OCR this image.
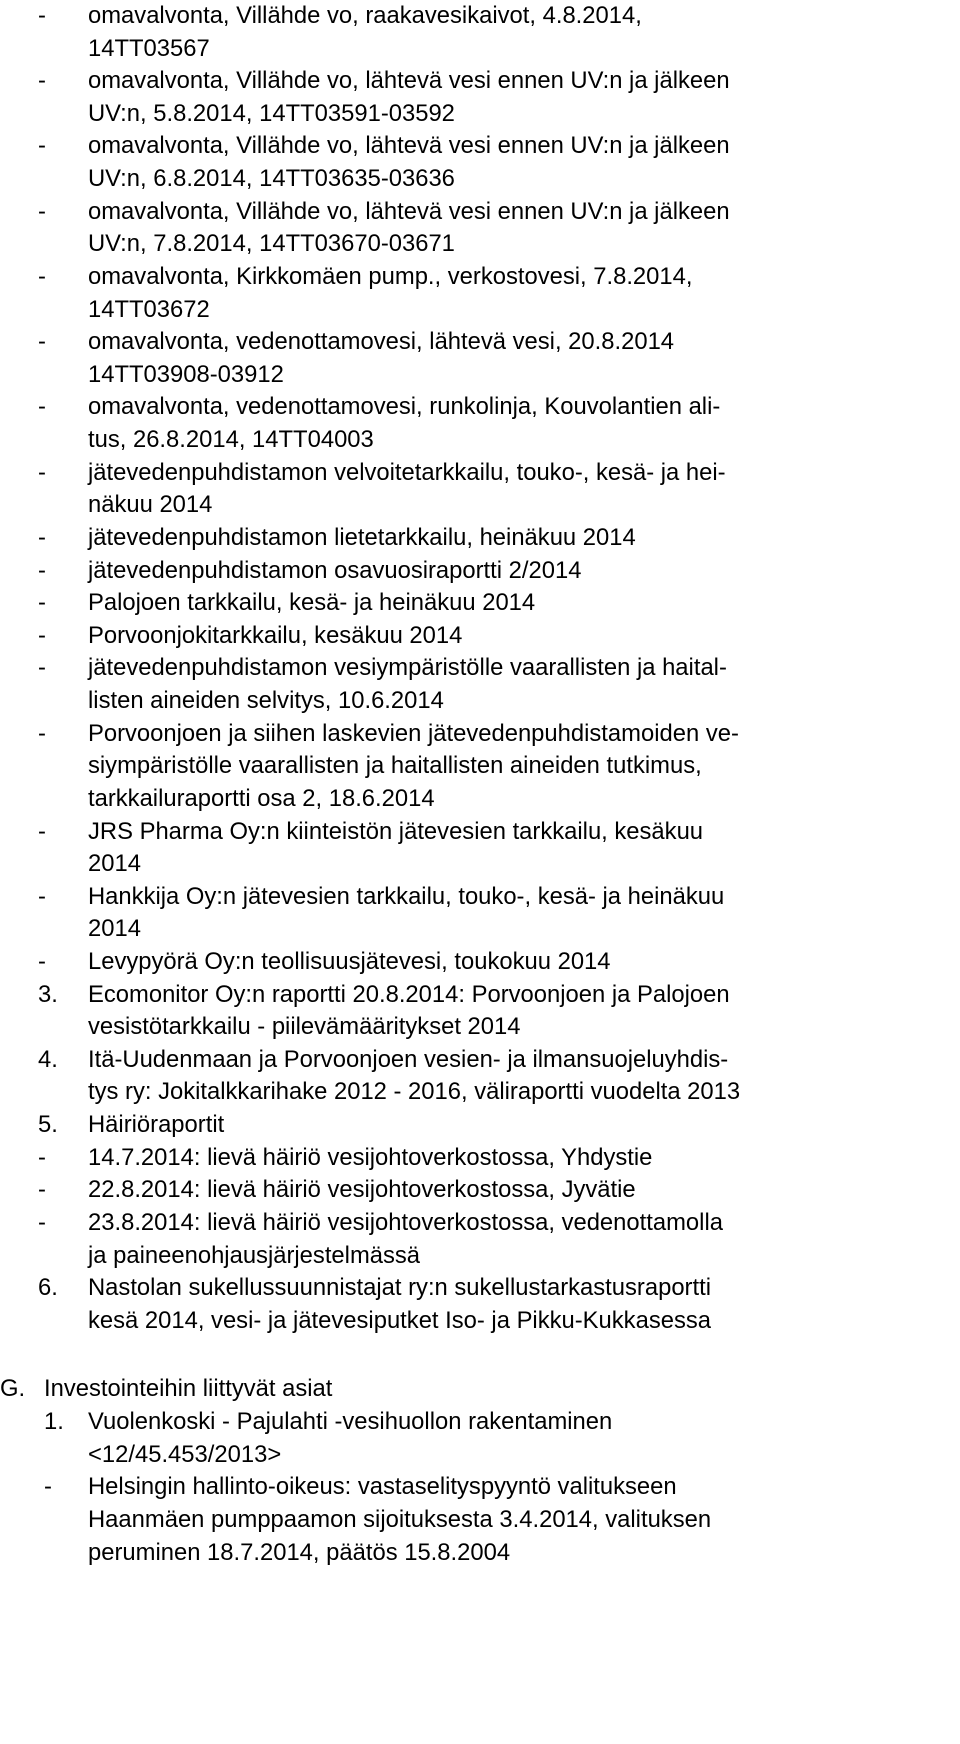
- omavalvonta, Villähde vo, raakavesikaivot, 4.8.2014,
14TT03567
- omavalvonta, Villähde vo, lähtevä vesi ennen UV:n ja jälkeen
UV:n, 5.8.2014, 14TT03591-03592
- omavalvonta, Villähde vo, lähtevä vesi ennen UV:n ja jälkeen
UV:n, 6.8.2014, 14TT03635-03636
- omavalvonta, Villähde vo, lähtevä vesi ennen UV:n ja jälkeen
UV:n, 7.8.2014, 14TT03670-03671
- omavalvonta, Kirkkomäen pump., verkostovesi, 7.8.2014,
14TT03672
- omavalvonta, vedenottamovesi, lähtevä vesi, 20.8.2014
14TT03908-03912
- omavalvonta, vedenottamovesi, runkolinja, Kouvolantien ali-
tus, 26.8.2014, 14TT04003
- jätevedenpuhdistamon velvoitetarkkailu, touko-, kesä- ja hei-
näkuu 2014
- jätevedenpuhdistamon lietetarkkailu, heinäkuu 2014
- jätevedenpuhdistamon osavuosiraportti 2/2014
- Palojoen tarkkailu, kesä- ja heinäkuu 2014
- Porvoonjokitarkkailu, kesäkuu 2014
- jätevedenpuhdistamon vesiympäristölle vaarallisten ja haital-
listen aineiden selvitys, 10.6.2014
- Porvoonjoen ja siihen laskevien jätevedenpuhdistamoiden ve-
siympäristölle vaarallisten ja haitallisten aineiden tutkimus,
tarkkailuraportti osa 2, 18.6.2014
- JRS Pharma Oy:n kiinteistön jätevesien tarkkailu, kesäkuu
2014
- Hankkija Oy:n jätevesien tarkkailu, touko-, kesä- ja heinäkuu
2014
- Levypyörä Oy:n teollisuusjätevesi, toukokuu 2014
3. Ecomonitor Oy:n raportti 20.8.2014: Porvoonjoen ja Palojoen
vesistötarkkailu - piilevämääritykset 2014
4. Itä-Uudenmaan ja Porvoonjoen vesien- ja ilmansuojeluyhdis-
tys ry: Jokitalkkarihake 2012 - 2016, väliraportti vuodelta 2013
5. Häiriöraportit
- 14.7.2014: lievä häiriö vesijohtoverkostossa, Yhdystie
- 22.8.2014: lievä häiriö vesijohtoverkostossa, Jyvätie
- 23.8.2014: lievä häiriö vesijohtoverkostossa, vedenottamolla
ja paineenohjausjärjestelmässä
6. Nastolan sukellussuunnistajat ry:n sukellustarkastusraportti
kesä 2014, vesi- ja jätevesiputket Iso- ja Pikku-Kukkasessa
G. Investointeihin liittyvät asiat
1. Vuolenkoski - Pajulahti -vesihuollon rakentaminen
<12/45.453/2013>
- Helsingin hallinto-oikeus: vastaselityspyyntö valitukseen
Haanmäen pumppaamon sijoituksesta 3.4.2014, valituksen
peruminen 18.7.2014, päätös 15.8.2004
